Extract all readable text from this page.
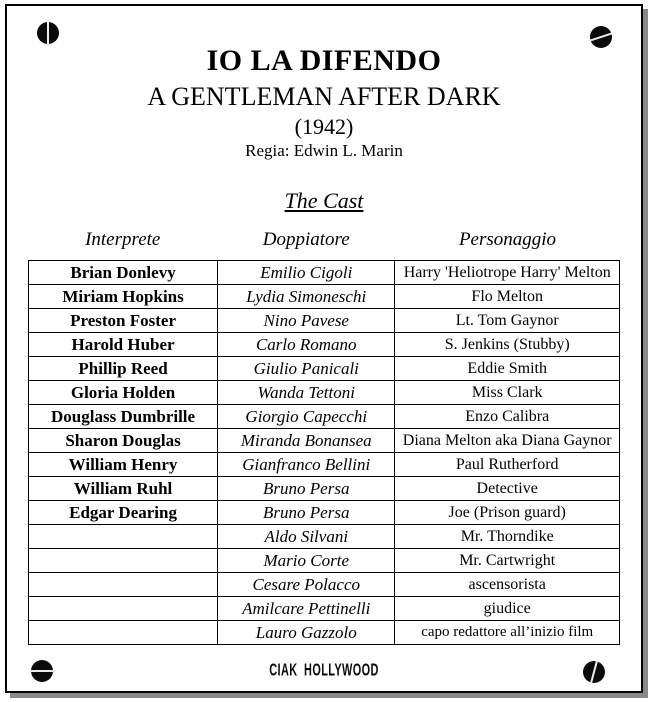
IO LA DIFENDO
A GENTLEMAN AFTER DARK
(1942)
Regia: Edwin L. Marin
The Cast
Interprete	Doppiatore	Personaggio
Brian Donlevy	Emilio Cigoli	Harry 'Heliotrope Harry' Melton
Miriam Hopkins	Lydia Simoneschi	Flo Melton
Preston Foster	Nino Pavese	Lt. Tom Gaynor
Harold Huber	Carlo Romano	S. Jenkins (Stubby)
Phillip Reed	Giulio Panicali	Eddie Smith
Gloria Holden	Wanda Tettoni	Miss Clark
Douglass Dumbrille	Giorgio Capecchi	Enzo Calibra
Sharon Douglas	Miranda Bonansea	Diana Melton aka Diana Gaynor
William Henry	Gianfranco Bellini	Paul Rutherford
William Ruhl	Bruno Persa	Detective
Edgar Dearing	Bruno Persa	Joe (Prison guard)
	Aldo Silvani	Mr. Thorndike
	Mario Corte	Mr. Cartwright
	Cesare Polacco	ascensorista
	Amilcare Pettinelli	giudice
	Lauro Gazzolo	capo redattore all’inizio film
CIAK HOLLYWOOD
